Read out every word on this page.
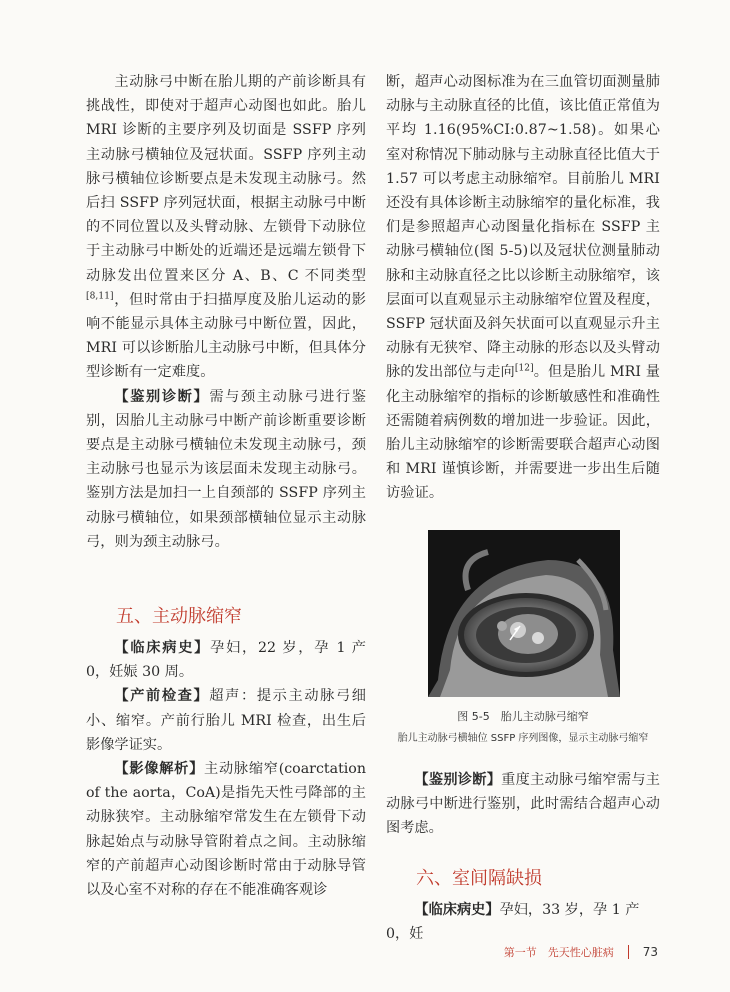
主动脉弓中断在胎儿期的产前诊断具有挑战性，即使对于超声心动图也如此。胎儿 MRI 诊断的主要序列及切面是 SSFP 序列主动脉弓横轴位及冠状面。SSFP 序列主动脉弓横轴位诊断要点是未发现主动脉弓。然后扫 SSFP 序列冠状面，根据主动脉弓中断的不同位置以及头臂动脉、左锁骨下动脉位于主动脉弓中断处的近端还是远端左锁骨下动脉发出位置来区分 A、B、C 不同类型[8,11]，但时常由于扫描厚度及胎儿运动的影响不能显示具体主动脉弓中断位置，因此，MRI 可以诊断胎儿主动脉弓中断，但具体分型诊断有一定难度。

【鉴别诊断】需与颈主动脉弓进行鉴别，因胎儿主动脉弓中断产前诊断重要诊断要点是主动脉弓横轴位未发现主动脉弓，颈主动脉弓也显示为该层面未发现主动脉弓。鉴别方法是加扫一上自颈部的 SSFP 序列主动脉弓横轴位，如果颈部横轴位显示主动脉弓，则为颈主动脉弓。

五、主动脉缩窄

【临床病史】孕妇，22 岁，孕 1 产 0，妊娠 30 周。

【产前检查】超声：提示主动脉弓细小、缩窄。产前行胎儿 MRI 检查，出生后影像学证实。

【影像解析】主动脉缩窄(coarctation of the aorta，CoA)是指先天性弓降部的主动脉狭窄。主动脉缩窄常发生在左锁骨下动脉起始点与动脉导管附着点之间。主动脉缩窄的产前超声心动图诊断时常由于动脉导管以及心室不对称的存在不能准确客观诊

断，超声心动图标准为在三血管切面测量肺动脉与主动脉直径的比值，该比值正常值为平均 1.16(95%CI:0.87~1.58)。如果心室对称情况下肺动脉与主动脉直径比值大于 1.57 可以考虑主动脉缩窄。目前胎儿 MRI 还没有具体诊断主动脉缩窄的量化标准，我们是参照超声心动图量化指标在 SSFP 主动脉弓横轴位(图 5-5)以及冠状位测量肺动脉和主动脉直径之比以诊断主动脉缩窄，该层面可以直观显示主动脉缩窄位置及程度，SSFP 冠状面及斜矢状面可以直观显示升主动脉有无狭窄、降主动脉的形态以及头臂动脉的发出部位与走向[12]。但是胎儿 MRI 量化主动脉缩窄的指标的诊断敏感性和准确性还需随着病例数的增加进一步验证。因此，胎儿主动脉缩窄的诊断需要联合超声心动图和 MRI 谨慎诊断，并需要进一步出生后随访验证。

图 5-5　胎儿主动脉弓缩窄
胎儿主动脉弓横轴位 SSFP 序列图像，显示主动脉弓缩窄

【鉴别诊断】重度主动脉弓缩窄需与主动脉弓中断进行鉴别，此时需结合超声心动图考虑。

六、室间隔缺损

【临床病史】孕妇，33 岁，孕 1 产 0，妊

第一节　先天性心脏病 73
